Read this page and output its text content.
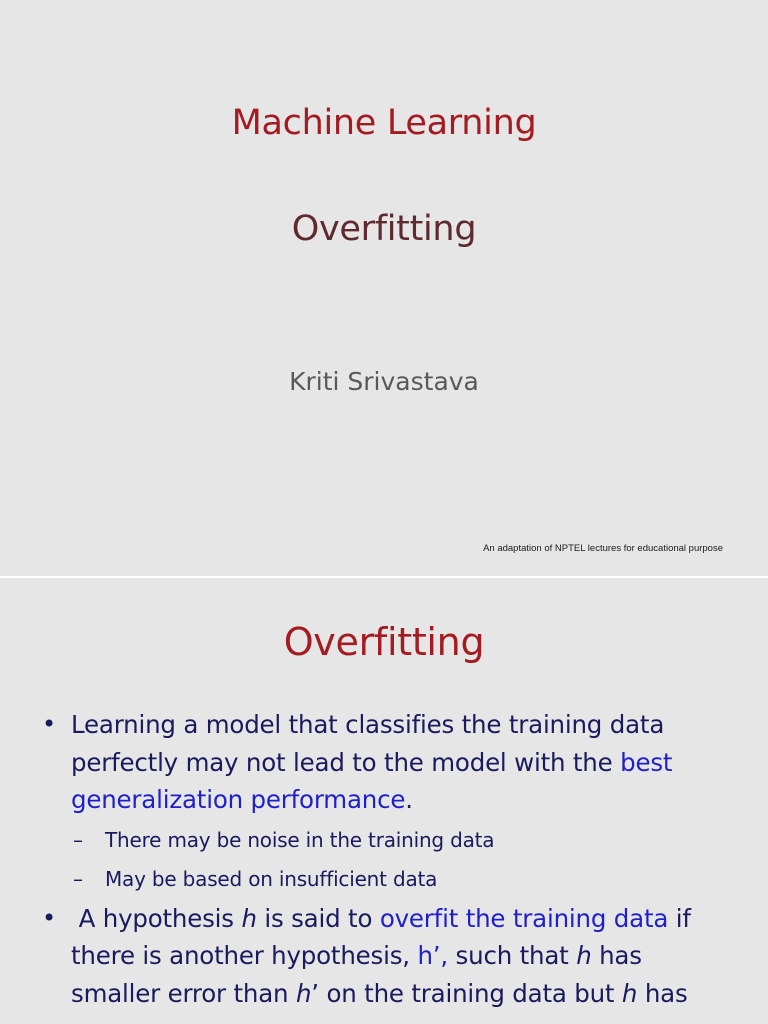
Machine Learning
Overfitting
Kriti Srivastava
An adaptation of NPTEL lectures for educational purpose
Overfitting
• Learning a model that classifies the training data perfectly may not lead to the model with the best generalization performance.
– There may be noise in the training data
– May be based on insufficient data
• A hypothesis h is said to overfit the training data if there is another hypothesis, h’, such that h has smaller error than h’ on the training data but h has
